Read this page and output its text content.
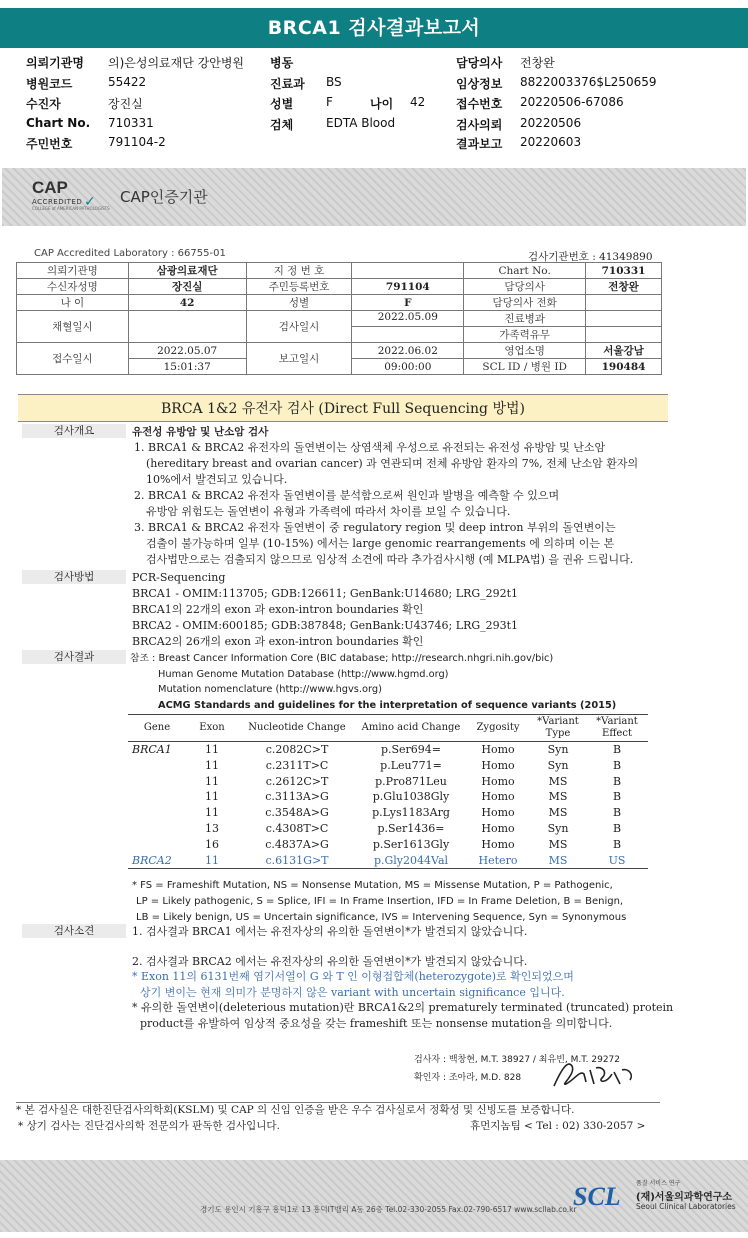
BRCA1 검사결과보고서
의뢰기관명 의)은성의료재단 강안병원 병동	담당의사 전창완
병원코드	55422	진료과 BS	임상정보 8822003376$L250659
수진자	장진실	성별	F	나이 42	접수번호 20220506-67086
Chart No. 710331	검체	EDTA Blood	검사의뢰 20220506
주민번호	791104-2	결과보고 20220603
CAP
ACCREDITED
COLLEGE of AMERICAN PATHOLOGISTS
✓ CAP인증기관
CAP Accredited Laboratory : 66755-01	검사기관번호 : 41349890
의뢰기관명	삼광의료재단	지 정 번 호		Chart No.	710331
수신자성명	장진실	주민등록번호	791104	담당의사	전창완
나 이	42	성별	F	담당의사 전화	
채혈일시		검사일시	2022.05.09	진료병과	
				가족력유무	
접수일시	2022.05.07	보고일시	2022.06.02	영업소명	서울강남
	15:01:37		09:00:00	SCL ID / 병원 ID	190484
BRCA 1&2 유전자 검사 (Direct Full Sequencing 방법)
검사개요	유전성 유방암 및 난소암 검사
1. BRCA1 & BRCA2 유전자의 돌연변이는 상염색체 우성으로 유전되는 유전성 유방암 및 난소암
(hereditary breast and ovarian cancer) 과 연관되며 전체 유방암 환자의 7%, 전체 난소암 환자의
10%에서 발견되고 있습니다.
2. BRCA1 & BRCA2 유전자 돌연변이를 분석함으로써 원인과 발병을 예측할 수 있으며
유방암 위험도는 돌연변이 유형과 가족력에 따라서 차이를 보일 수 있습니다.
3. BRCA1 & BRCA2 유전자 돌연변이 중 regulatory region 및 deep intron 부위의 돌연변이는
검출이 불가능하며 일부 (10-15%) 에서는 large genomic rearrangements 에 의하며 이는 본
검사법만으로는 검출되지 않으므로 임상적 소견에 따라 추가검사시행 (예 MLPA법) 을 권유 드립니다.
검사방법	PCR-Sequencing
BRCA1 - OMIM:113705; GDB:126611; GenBank:U14680; LRG_292t1
BRCA1의 22개의 exon 과 exon-intron boundaries 확인
BRCA2 - OMIM:600185; GDB:387848; GenBank:U43746; LRG_293t1
BRCA2의 26개의 exon 과 exon-intron boundaries 확인
검사결과	참조 : Breast Cancer Information Core (BIC database; http://research.nhgri.nih.gov/bic)
Human Genome Mutation Database (http://www.hgmd.org)
Mutation nomenclature (http://www.hgvs.org)
ACMG Standards and guidelines for the interpretation of sequence variants (2015)
Gene	Exon	Nucleotide Change	Amino acid Change	Zygosity	*Variant Type	*Variant Effect
BRCA1	11	c.2082C>T	p.Ser694=	Homo	Syn	B
	11	c.2311T>C	p.Leu771=	Homo	Syn	B
	11	c.2612C>T	p.Pro871Leu	Homo	MS	B
	11	c.3113A>G	p.Glu1038Gly	Homo	MS	B
	11	c.3548A>G	p.Lys1183Arg	Homo	MS	B
	13	c.4308T>C	p.Ser1436=	Homo	Syn	B
	16	c.4837A>G	p.Ser1613Gly	Homo	MS	B
BRCA2	11	c.6131G>T	p.Gly2044Val	Hetero	MS	US
* FS = Frameshift Mutation, NS = Nonsense Mutation, MS = Missense Mutation, P = Pathogenic,
LP = Likely pathogenic, S = Splice, IFI = In Frame Insertion, IFD = In Frame Deletion, B = Benign,
LB = Likely benign, US = Uncertain significance, IVS = Intervening Sequence, Syn = Synonymous
검사소견	1. 검사결과 BRCA1 에서는 유전자상의 유의한 돌연변이*가 발견되지 않았습니다.
2. 검사결과 BRCA2 에서는 유전자상의 유의한 돌연변이*가 발견되지 않았습니다.
* Exon 11의 6131번째 염기서열이 G 와 T 인 이형접합체(heterozygote)로 확인되었으며
상기 변이는 현재 의미가 분명하지 않은 variant with uncertain significance 입니다.
* 유의한 돌연변이(deleterious mutation)란 BRCA1&2의 prematurely terminated (truncated) protein
product를 유발하여 임상적 중요성을 갖는 frameshift 또는 nonsense mutation을 의미합니다.
검사자 : 백창현, M.T. 38927 / 최유빈, M.T. 29272
확인자 : 조아라, M.D. 828
* 본 검사실은 대한진단검사의학회(KSLM) 및 CAP 의 신임 인증을 받은 우수 검사실로서 정확성 및 신빙도를 보증합니다.
* 상기 검사는 진단검사의학 전문의가 판독한 검사입니다.	휴먼지놈팀 < Tel : 02) 330-2057 >
경기도 용인시 기흥구 흥덕1로 13 흥덕IT밸리 A동 26층 Tel.02-330-2055 Fax.02-790-6517 www.scllab.co.kr
SCL	품질 서비스 연구
(재)서울의과학연구소
Seoul Clinical Laboratories
